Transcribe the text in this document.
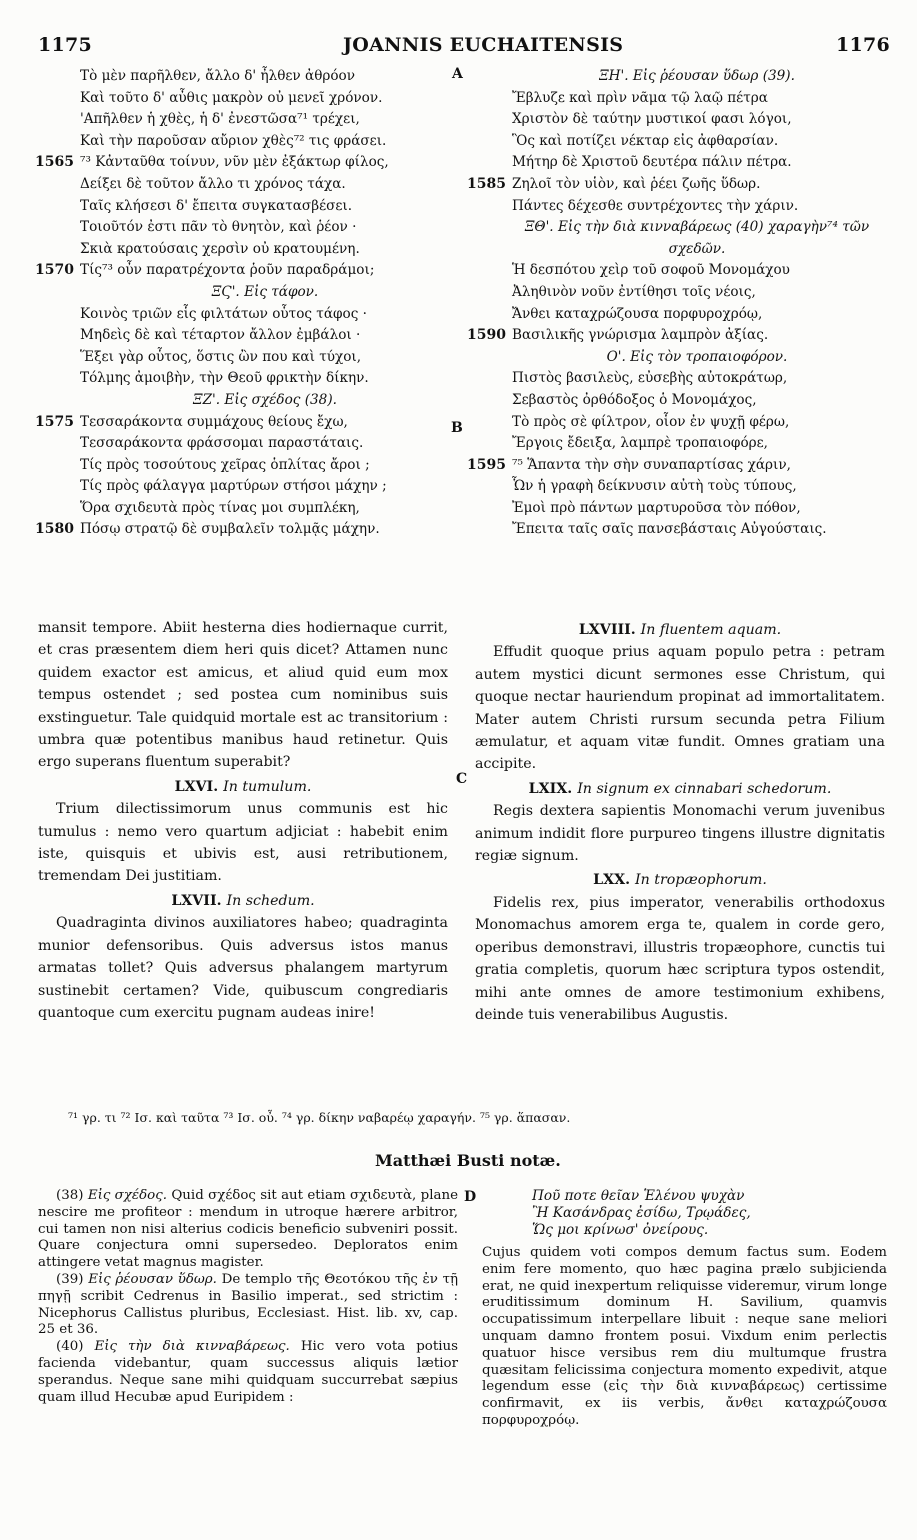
1175	JOANNIS EUCHAITENSIS	1176
A
B
C
D
Τὸ μὲν παρῆλθεν, ἄλλο δ' ἦλθεν ἀθρόον
Καὶ τοῦτο δ' αὖθις μακρὸν οὐ μενεῖ χρόνον.
'Απῆλθεν ἡ χθὲς, ἡ δ' ἐνεστῶσα⁷¹ τρέχει,
Καὶ τὴν παροῦσαν αὔριον χθὲς⁷² τις φράσει.
1565 ⁷³ Κἀνταῦθα τοίνυν, νῦν μὲν ἐξάκτωρ φίλος,
Δείξει δὲ τοῦτον ἄλλο τι χρόνος τάχα.
Ταῖς κλήσεσι δ' ἔπειτα συγκατασβέσει.
Τοιοῦτόν ἐστι πᾶν τὸ θνητὸν, καὶ ῥέον ·
Σκιὰ κρατούσαις χερσὶν οὐ κρατουμένη.
1570 Τίς⁷³ οὖν παρατρέχοντα ῥοῦν παραδράμοι;
ΞϚ'. Εἰς τάφον.
Κοινὸς τριῶν εἷς φιλτάτων οὗτος τάφος ·
Μηδεὶς δὲ καὶ τέταρτον ἄλλον ἐμβάλοι ·
Ἕξει γὰρ οὗτος, ὅστις ὢν που καὶ τύχοι,
Τόλμης ἀμοιβὴν, τὴν Θεοῦ φρικτὴν δίκην.
ΞΖ'. Εἰς σχέδος (38).
1575 Τεσσαράκοντα συμμάχους θείους ἔχω,
Τεσσαράκοντα φράσσομαι παραστάταις.
Τίς πρὸς τοσούτους χεῖρας ὁπλίτας ἄροι ;
Τίς πρὸς φάλαγγα μαρτύρων στήσοι μάχην ;
Ὅρα σχιδευτὰ πρὸς τίνας μοι συμπλέκη,
1580 Πόσῳ στρατῷ δὲ συμβαλεῖν τολμᾷς μάχην.
ΞΗ'. Εἰς ῥέουσαν ὕδωρ (39).
Ἔβλυζε καὶ πρὶν νᾶμα τῷ λαῷ πέτρα
Χριστὸν δὲ ταύτην μυστικοί φασι λόγοι,
Ὃς καὶ ποτίζει νέκταρ εἰς ἀφθαρσίαν.
Μήτηρ δὲ Χριστοῦ δευτέρα πάλιν πέτρα.
1585 Ζηλοῖ τὸν υἱὸν, καὶ ῥέει ζωῆς ὕδωρ.
Πάντες δέχεσθε συντρέχοντες τὴν χάριν.
ΞΘ'. Εἰς τὴν διὰ κινναβάρεως (40) χαραγὴν⁷⁴ τῶν
σχεδῶν.
Ἡ δεσπότου χεὶρ τοῦ σοφοῦ Μονομάχου
Ἀληθινὸν νοῦν ἐντίθησι τοῖς νέοις,
Ἄνθει καταχρώζουσα πορφυροχρόῳ,
1590 Βασιλικῆς γνώρισμα λαμπρὸν ἀξίας.
Ο'. Εἰς τὸν τροπαιοφόρον.
Πιστὸς βασιλεὺς, εὐσεβὴς αὐτοκράτωρ,
Σεβαστὸς ὀρθόδοξος ὁ Μονομάχος,
Τὸ πρὸς σὲ φίλτρον, οἷον ἐν ψυχῇ φέρω,
Ἔργοις ἔδειξα, λαμπρὲ τροπαιοφόρε,
1595 ⁷⁵ Ἅπαντα τὴν σὴν συναπαρτίσας χάριν,
Ὧν ἡ γραφὴ δείκνυσιν αὐτὴ τοὺς τύπους,
Ἐμοὶ πρὸ πάντων μαρτυροῦσα τὸν πόθον,
Ἔπειτα ταῖς σαῖς πανσεβάσταις Αὐγούσταις.

mansit tempore. Abiit hesterna dies hodiernaque currit, et cras præsentem diem heri quis dicet? Attamen nunc quidem exactor est amicus, et aliud quid eum mox tempus ostendet ; sed postea cum nominibus suis exstinguetur. Tale quidquid mortale est ac transitorium : umbra quæ potentibus manibus haud retinetur. Quis ergo superans fluentum superabit?

LXVI. In tumulum.

Trium dilectissimorum unus communis est hic tumulus : nemo vero quartum adjiciat : habebit enim iste, quisquis et ubivis est, ausi retributionem, tremendam Dei justitiam.

LXVII. In schedum.

Quadraginta divinos auxiliatores habeo; quadraginta munior defensoribus. Quis adversus istos manus armatas tollet? Quis adversus phalangem martyrum sustinebit certamen? Vide, quibuscum congrediaris quantoque cum exercitu pugnam audeas inire!

LXVIII. In fluentem aquam.

Effudit quoque prius aquam populo petra : petram autem mystici dicunt sermones esse Christum, qui quoque nectar hauriendum propinat ad immortalitatem. Mater autem Christi rursum secunda petra Filium æmulatur, et aquam vitæ fundit. Omnes gratiam una accipite.

LXIX. In signum ex cinnabari schedorum.

Regis dextera sapientis Monomachi verum juvenibus animum indidit flore purpureo tingens illustre dignitatis regiæ signum.

LXX. In tropæophorum.

Fidelis rex, pius imperator, venerabilis orthodoxus Monomachus amorem erga te, qualem in corde gero, operibus demonstravi, illustris tropæophore, cunctis tui gratia completis, quorum hæc scriptura typos ostendit, mihi ante omnes de amore testimonium exhibens, deinde tuis venerabilibus Augustis.

⁷¹ γρ. τι ⁷² Ισ. καὶ ταῦτα ⁷³ Ισ. οὖ. ⁷⁴ γρ. δίκην ναβαρέῳ χαραγήν. ⁷⁵ γρ. ἅπασαν.
Matthæi Busti notæ.

(38) Εἰς σχέδος. Quid σχέδος sit aut etiam σχιδευτὰ, plane nescire me profiteor : mendum in utroque hærere arbitror, cui tamen non nisi alterius codicis beneficio subveniri possit. Quare conjectura omni supersedeo. Deploratos enim attingere vetat magnus magister.

(39) Εἰς ῥέουσαν ὕδωρ. De templo τῆς Θεοτόκου τῆς ἐν τῇ πηγῇ scribit Cedrenus in Basilio imperat., sed strictim : Nicephorus Callistus pluribus, Ecclesiast. Hist. lib. xv, cap. 25 et 36.

(40) Εἰς τὴν διὰ κινναβάρεως. Hic vero vota potius facienda videbantur, quam successus aliquis lætior sperandus. Neque sane mihi quidquam succurrebat sæpius quam illud Hecubæ apud Euripidem :

Ποῦ ποτε θεῖαν Ἑλένου ψυχὰν
Ἢ Κασάνδρας ἐσίδω, Τρῳάδες,
Ὥς μοι κρίνωσ' ὀνείρους.

Cujus quidem voti compos demum factus sum. Eodem enim fere momento, quo hæc pagina prælo subjicienda erat, ne quid inexpertum reliquisse videremur, virum longe eruditissimum dominum H. Savilium, quamvis occupatissimum interpellare libuit : neque sane meliori unquam damno frontem posui. Vixdum enim perlectis quatuor hisce versibus rem diu multumque frustra quæsitam felicissima conjectura momento expedivit, atque legendum esse (εἰς τὴν διὰ κινναβάρεως) certissime confirmavit, ex iis verbis, ἄνθει καταχρώζουσα πορφυροχρόῳ.
